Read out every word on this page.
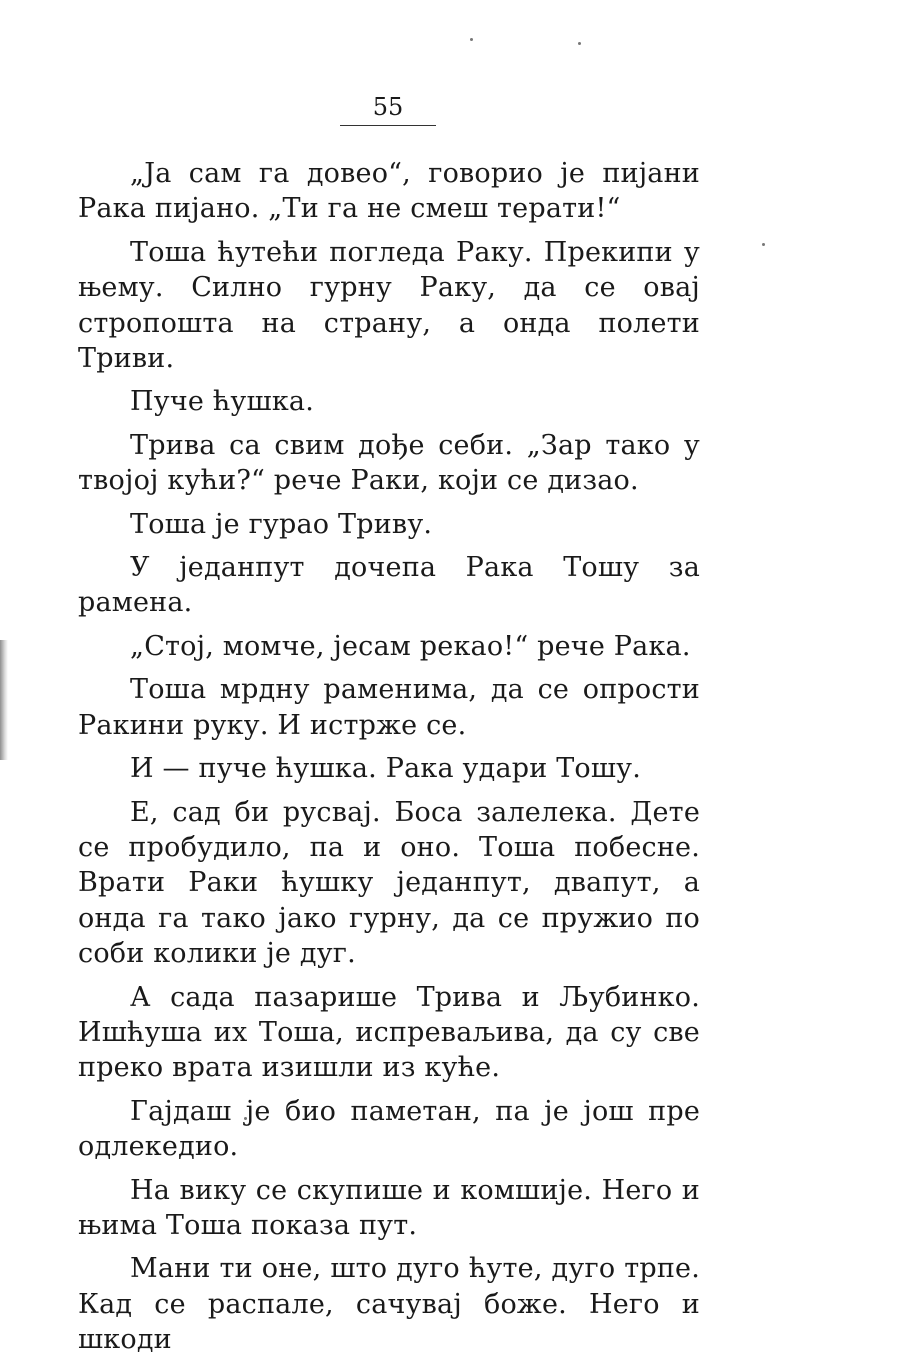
55

„Ја сам га довео“, говорио је пијани Рака пијано. „Ти га не смеш терати!“

Тоша ћутећи погледа Раку. Прекипи у њему. Силно гурну Раку, да се овај стропошта на страну, а онда полети Триви.

Пуче ћушка.

Трива са свим дође себи. „Зар тако у твојој кући?“ рече Раки, који се дизао.

Тоша је гурао Триву.

У једанпут дочепа Рака Тошу за рамена.

„Стој, момче, јесам рекао!“ рече Рака.

Тоша мрдну раменима, да се опрости Ракини руку. И истрже се.

И — пуче ћушка. Рака удари Тошу.

Е, сад би русвај. Боса залелека. Дете се пробудило, па и оно. Тоша побесне. Врати Раки ћушку једанпут, двапут, а онда га тако јако гурну, да се пружио по соби колики је дуг.

А сада пазарише Трива и Љубинко. Ишћуша их Тоша, испреваљива, да су све преко врата изишли из куће.

Гајдаш је био паметан, па је још пре одлекедио.

На вику се скупише и комшије. Него и њима Тоша показа пут.

Мани ти оне, што дуго ћуте, дуго трпе. Кад се распале, сачувај боже. Него и шкоди
